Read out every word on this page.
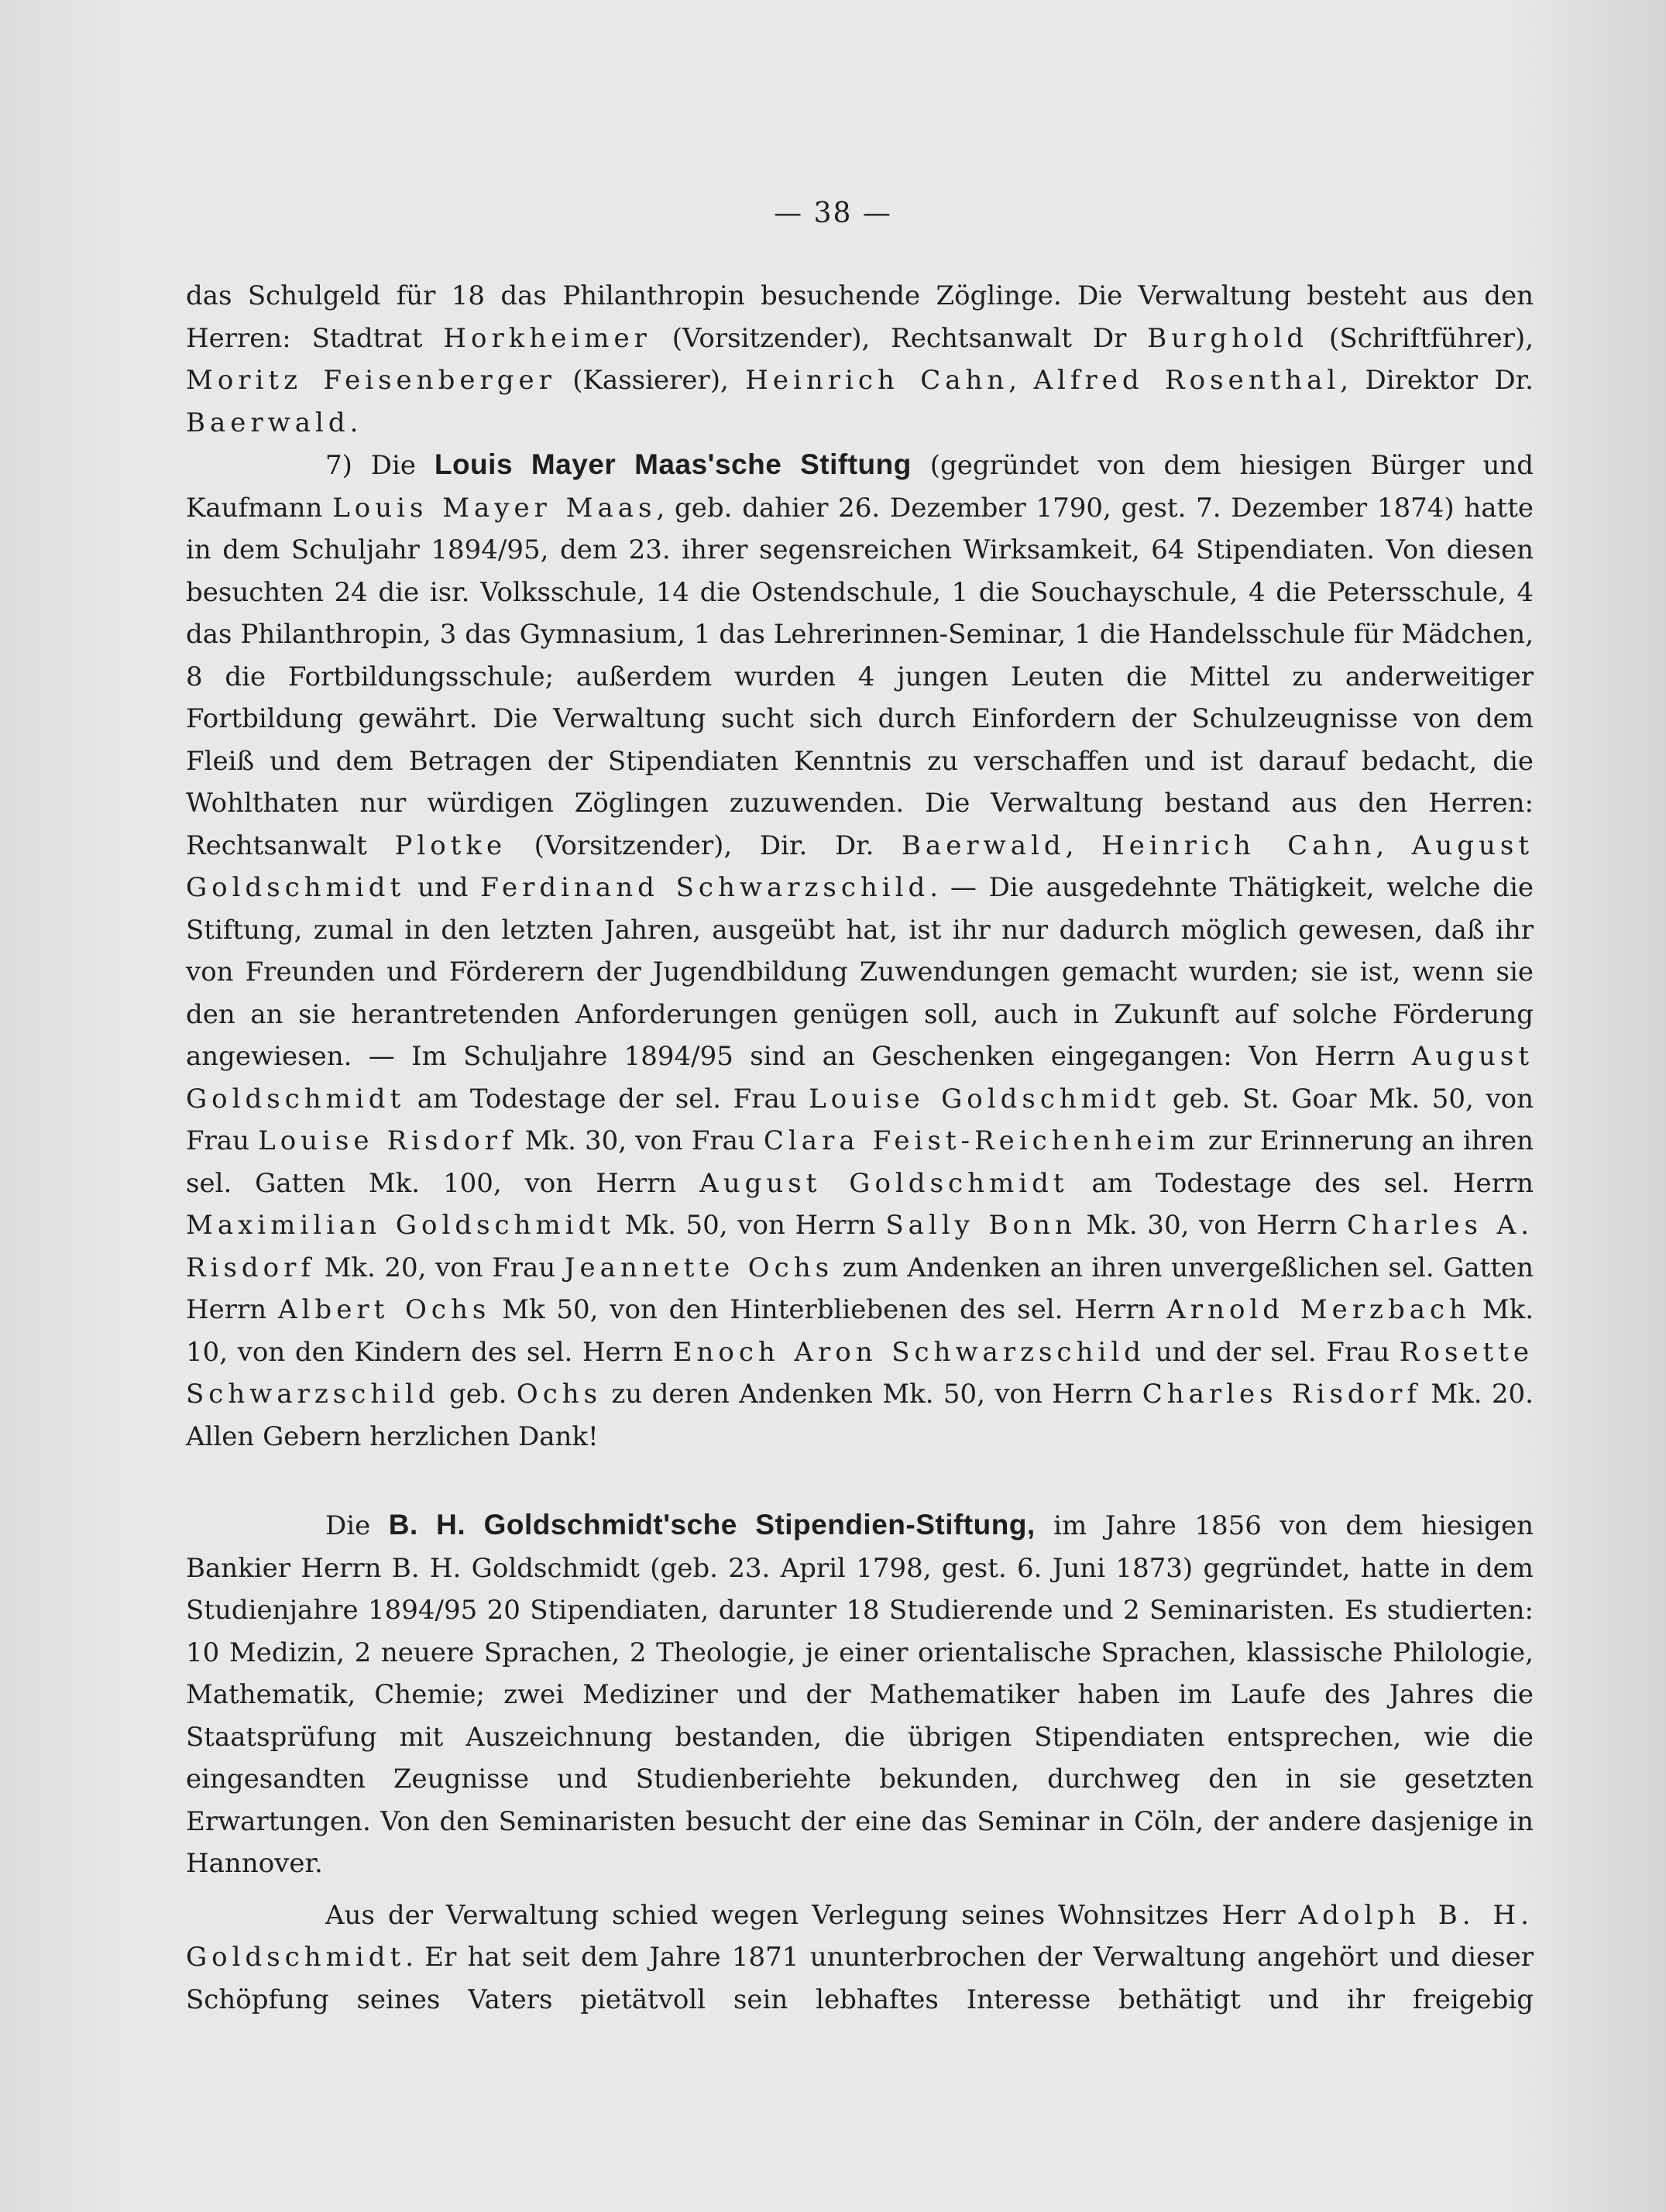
— 38 —

das Schulgeld für 18 das Philanthropin besuchende Zöglinge. Die Verwaltung besteht aus den Herren: Stadtrat Horkheimer (Vorsitzender), Rechtsanwalt Dr Burghold (Schriftführer), Moritz Feisenberger (Kassierer), Heinrich Cahn, Alfred Rosenthal, Direktor Dr. Baerwald.

7) Die Louis Mayer Maas'sche Stiftung (gegründet von dem hiesigen Bürger und Kaufmann Louis Mayer Maas, geb. dahier 26. Dezember 1790, gest. 7. Dezember 1874) hatte in dem Schuljahr 1894/95, dem 23. ihrer segensreichen Wirksamkeit, 64 Stipendiaten. Von diesen besuchten 24 die isr. Volksschule, 14 die Ostendschule, 1 die Souchayschule, 4 die Petersschule, 4 das Philanthropin, 3 das Gymnasium, 1 das Lehrerinnen-Seminar, 1 die Handelsschule für Mädchen, 8 die Fortbildungsschule; außerdem wurden 4 jungen Leuten die Mittel zu anderweitiger Fortbildung gewährt. Die Verwaltung sucht sich durch Einfordern der Schulzeugnisse von dem Fleiß und dem Betragen der Stipendiaten Kenntnis zu verschaffen und ist darauf bedacht, die Wohlthaten nur würdigen Zöglingen zuzuwenden. Die Verwaltung bestand aus den Herren: Rechtsanwalt Plotke (Vorsitzender), Dir. Dr. Baerwald, Heinrich Cahn, August Goldschmidt und Ferdinand Schwarzschild. — Die ausgedehnte Thätigkeit, welche die Stiftung, zumal in den letzten Jahren, ausgeübt hat, ist ihr nur dadurch möglich gewesen, daß ihr von Freunden und Förderern der Jugendbildung Zuwendungen gemacht wurden; sie ist, wenn sie den an sie herantretenden Anforderungen genügen soll, auch in Zukunft auf solche Förderung angewiesen. — Im Schuljahre 1894/95 sind an Geschenken eingegangen: Von Herrn August Goldschmidt am Todestage der sel. Frau Louise Goldschmidt geb. St. Goar Mk. 50, von Frau Louise Risdorf Mk. 30, von Frau Clara Feist-Reichenheim zur Erinnerung an ihren sel. Gatten Mk. 100, von Herrn August Goldschmidt am Todestage des sel. Herrn Maximilian Goldschmidt Mk. 50, von Herrn Sally Bonn Mk. 30, von Herrn Charles A. Risdorf Mk. 20, von Frau Jeannette Ochs zum Andenken an ihren unvergeßlichen sel. Gatten Herrn Albert Ochs Mk 50, von den Hinterbliebenen des sel. Herrn Arnold Merzbach Mk. 10, von den Kindern des sel. Herrn Enoch Aron Schwarzschild und der sel. Frau Rosette Schwarzschild geb. Ochs zu deren Andenken Mk. 50, von Herrn Charles Risdorf Mk. 20. Allen Gebern herzlichen Dank!

Die B. H. Goldschmidt'sche Stipendien-Stiftung, im Jahre 1856 von dem hiesigen Bankier Herrn B. H. Goldschmidt (geb. 23. April 1798, gest. 6. Juni 1873) gegründet, hatte in dem Studienjahre 1894/95 20 Stipendiaten, darunter 18 Studierende und 2 Seminaristen. Es studierten: 10 Medizin, 2 neuere Sprachen, 2 Theologie, je einer orientalische Sprachen, klassische Philologie, Mathematik, Chemie; zwei Mediziner und der Mathematiker haben im Laufe des Jahres die Staatsprüfung mit Auszeichnung bestanden, die übrigen Stipendiaten entsprechen, wie die eingesandten Zeugnisse und Studienberiehte bekunden, durchweg den in sie gesetzten Erwartungen. Von den Seminaristen besucht der eine das Seminar in Cöln, der andere dasjenige in Hannover.

Aus der Verwaltung schied wegen Verlegung seines Wohnsitzes Herr Adolph B. H. Goldschmidt. Er hat seit dem Jahre 1871 ununterbrochen der Verwaltung angehört und dieser Schöpfung seines Vaters pietätvoll sein lebhaftes Interesse bethätigt und ihr freigebig
